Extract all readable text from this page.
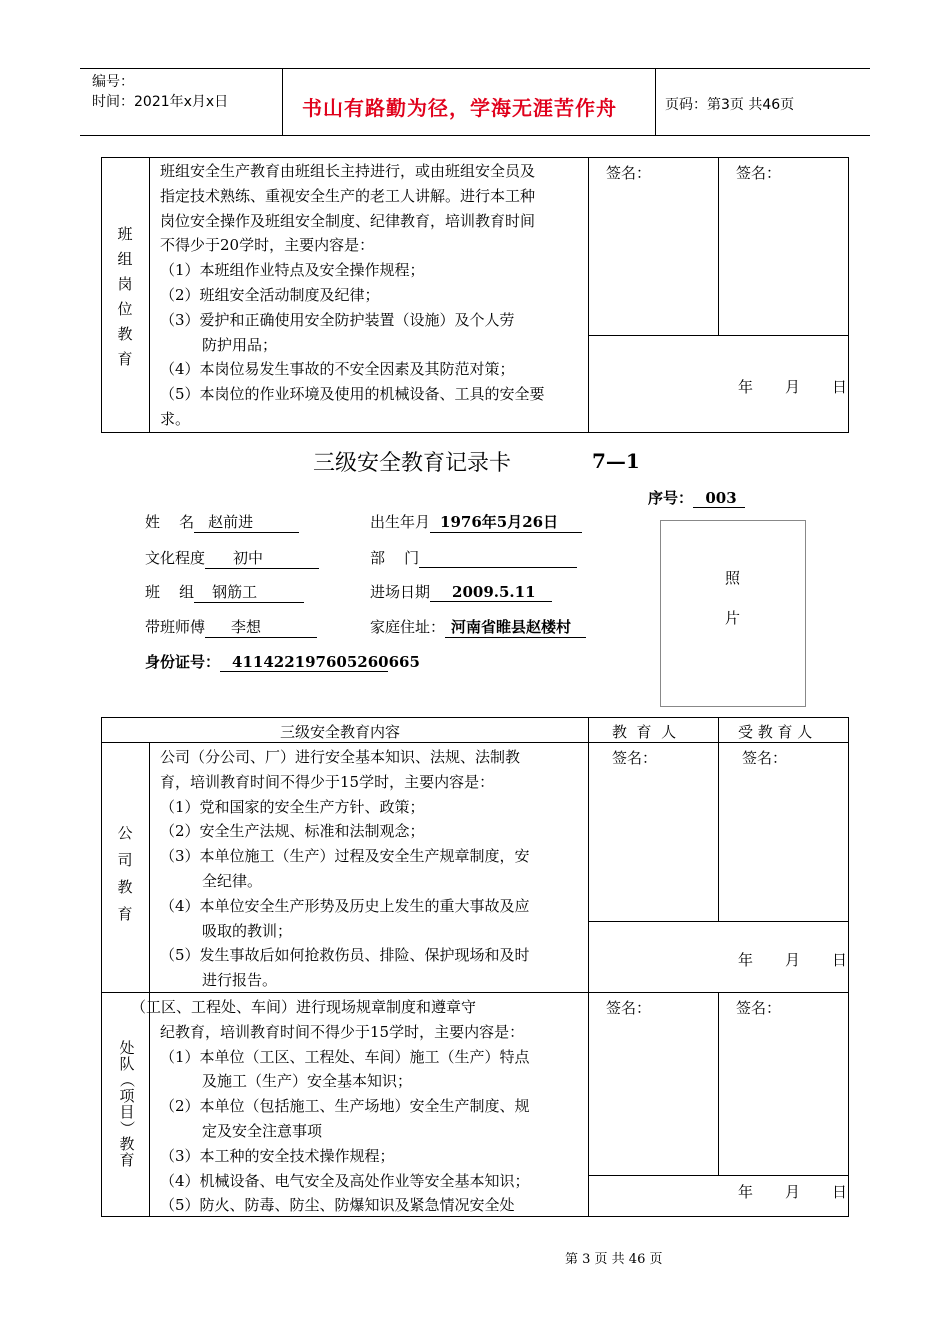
编号：
时间：2021年x月x日	书山有路勤为径，学海无涯苦作舟	页码：第3页 共46页
班
组
岗
位
教
育
班组安全生产教育由班组长主持进行，或由班组安全员及
指定技术熟练、重视安全生产的老工人讲解。进行本工种
岗位安全操作及班组安全制度、纪律教育，培训教育时间
不得少于20学时，主要内容是：
（1）本班组作业特点及安全操作规程；
（2）班组安全活动制度及纪律；
（3）爱护和正确使用安全防护装置（设施）及个人劳
防护用品；
（4）本岗位易发生事故的不安全因素及其防范对策；
（5）本岗位的作业环境及使用的机械设备、工具的安全要
求。
签名：	签名：
年 月 日
三级安全教育记录卡	7—1
序号： 003
姓    名 赵前进	出生年月 1976年5月26日
文化程度 初中	部    门
班    组 钢筋工	进场日期 2009.5.11
带班师傅 李想	家庭住址： 河南省睢县赵楼村
身份证号： 411422197605260665
照
片
三级安全教育内容	教  育  人	受 教 育 人
公
司
教
育
公司（分公司、厂）进行安全基本知识、法规、法制教
育，培训教育时间不得少于15学时，主要内容是：
（1）党和国家的安全生产方针、政策；
（2）安全生产法规、标准和法制观念；
（3）本单位施工（生产）过程及安全生产规章制度，安
全纪律。
（4）本单位安全生产形势及历史上发生的重大事故及应
吸取的教训；
（5）发生事故后如何抢救伤员、排险、保护现场和及时
进行报告。
签名：	签名：
年 月 日
处
队
（
项
目
）
教
育
（工区、工程处、车间）进行现场规章制度和遵章守
纪教育，培训教育时间不得少于15学时，主要内容是：
（1）本单位（工区、工程处、车间）施工（生产）特点
及施工（生产）安全基本知识；
（2）本单位（包括施工、生产场地）安全生产制度、规
定及安全注意事项
（3）本工种的安全技术操作规程；
（4）机械设备、电气安全及高处作业等安全基本知识；
（5）防火、防毒、防尘、防爆知识及紧急情况安全处
签名：	签名：
年 月 日
第 3 页 共 46 页
